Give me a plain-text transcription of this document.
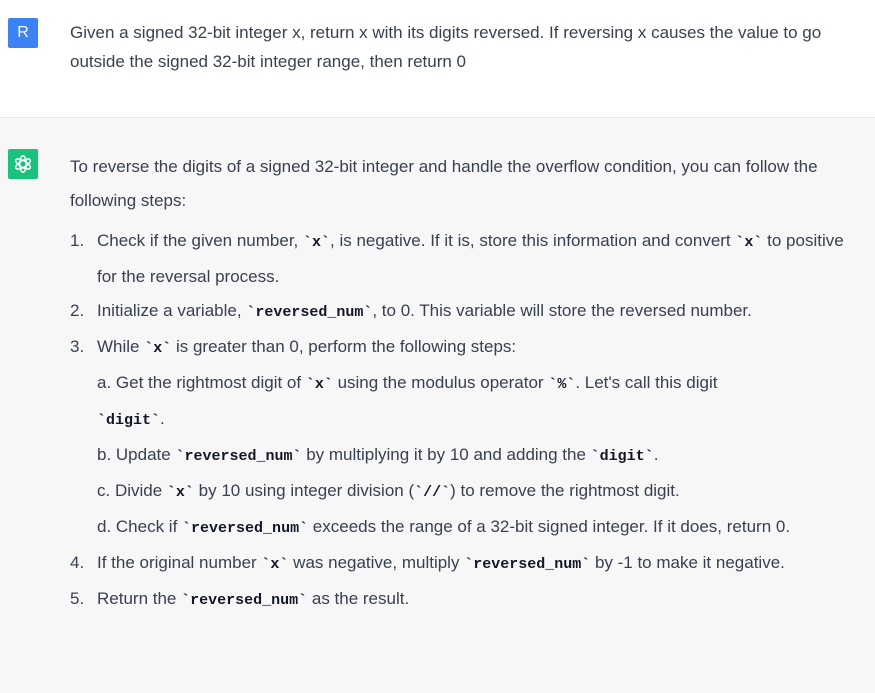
R Given a signed 32-bit integer x, return x with its digits reversed. If reversing x causes the value to go outside the signed 32-bit integer range, then return 0
To reverse the digits of a signed 32-bit integer and handle the overflow condition, you can follow the following steps:
1. Check if the given number, `x`, is negative. If it is, store this information and convert `x` to positive for the reversal process.
2. Initialize a variable, `reversed_num`, to 0. This variable will store the reversed number.
3. While `x` is greater than 0, perform the following steps:
a. Get the rightmost digit of `x` using the modulus operator `%`. Let's call this digit
`digit`.
b. Update `reversed_num` by multiplying it by 10 and adding the `digit`.
c. Divide `x` by 10 using integer division (`//`) to remove the rightmost digit.
d. Check if `reversed_num` exceeds the range of a 32-bit signed integer. If it does, return 0.
4. If the original number `x` was negative, multiply `reversed_num` by -1 to make it negative.
5. Return the `reversed_num` as the result.
